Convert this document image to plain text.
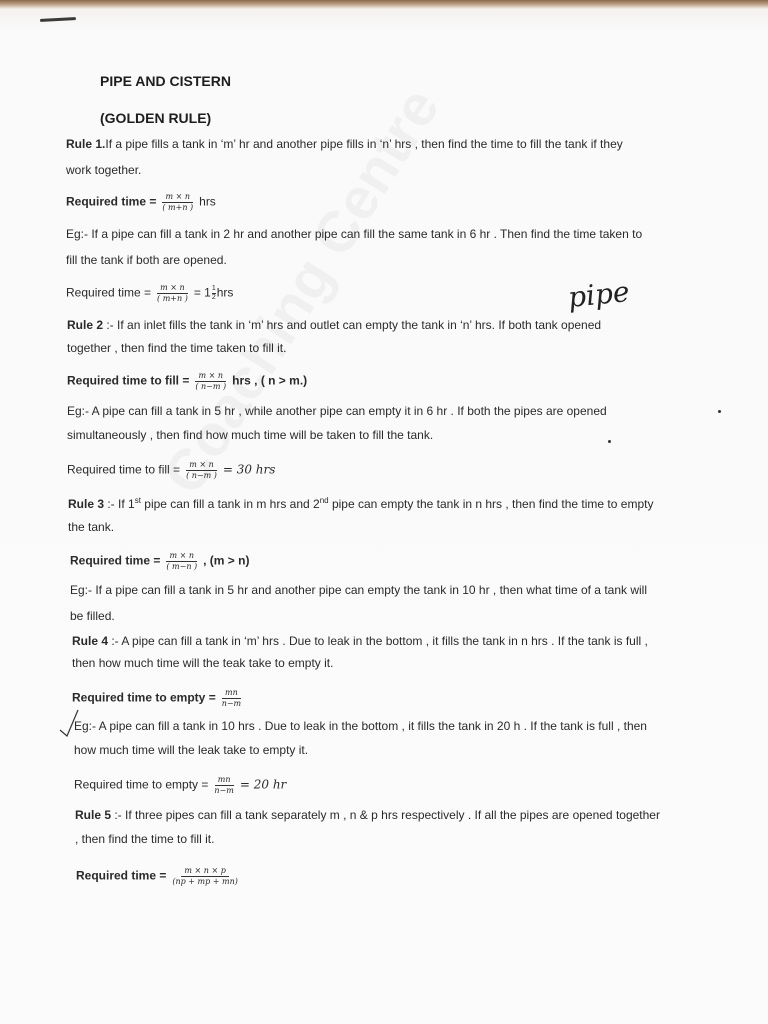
PIPE AND CISTERN
(GOLDEN RULE)
Rule 1.If a pipe fills a tank in ‘m’ hr and another pipe fills in ‘n’ hrs , then find the time to fill the tank if they
work together.
Required time = $\frac{m \times n}{( m+n )}$ hrs
Eg:- If a pipe can fill a tank in 2 hr and another pipe can fill the same tank in 6 hr . Then find the time taken to
fill the tank if both are opened.
Required time = $\frac{m \times n}{( m+n )} = 1 \frac{1}{2}$ hrs	pipe
Rule 2 :- If an inlet fills the tank in ‘m’ hrs and outlet can empty the tank in ‘n’ hrs. If both tank opened
together , then find the time taken to fill it.
Required time to fill = $\frac{m \times n}{( n-m )}$ hrs , ( n > m.)
Eg:- A pipe can fill a tank in 5 hr , while another pipe can empty it in 6 hr . If both the pipes are opened
simultaneously , then find how much time will be taken to fill the tank.
Required time to fill = $\frac{m \times n}{( n-m )} = 30$ hrs
Rule 3 :- If 1st pipe can fill a tank in m hrs and 2nd pipe can empty the tank in n hrs , then find the time to empty
the tank.
Required time = $\frac{m \times n}{( m-n )}$ , (m > n)
Eg:- If a pipe can fill a tank in 5 hr and another pipe can empty the tank in 10 hr , then what time of a tank will
be filled.
Rule 4 :- A pipe can fill a tank in ‘m’ hrs . Due to leak in the bottom , it fills the tank in n hrs . If the tank is full ,
then how much time will the teak take to empty it.
Required time to empty = $\frac{mn}{n-m}$
Eg:- A pipe can fill a tank in 10 hrs . Due to leak in the bottom , it fills the tank in 20 h . If the tank is full , then
how much time will the leak take to empty it.
Required time to empty = $\frac{mn}{n-m} = 20$ hr
Rule 5 :- If three pipes can fill a tank separately m , n & p hrs respectively . If all the pipes are opened together
, then find the time to fill it.
Required time = $\frac{m \times n \times p}{(np + mp + mn)}$
